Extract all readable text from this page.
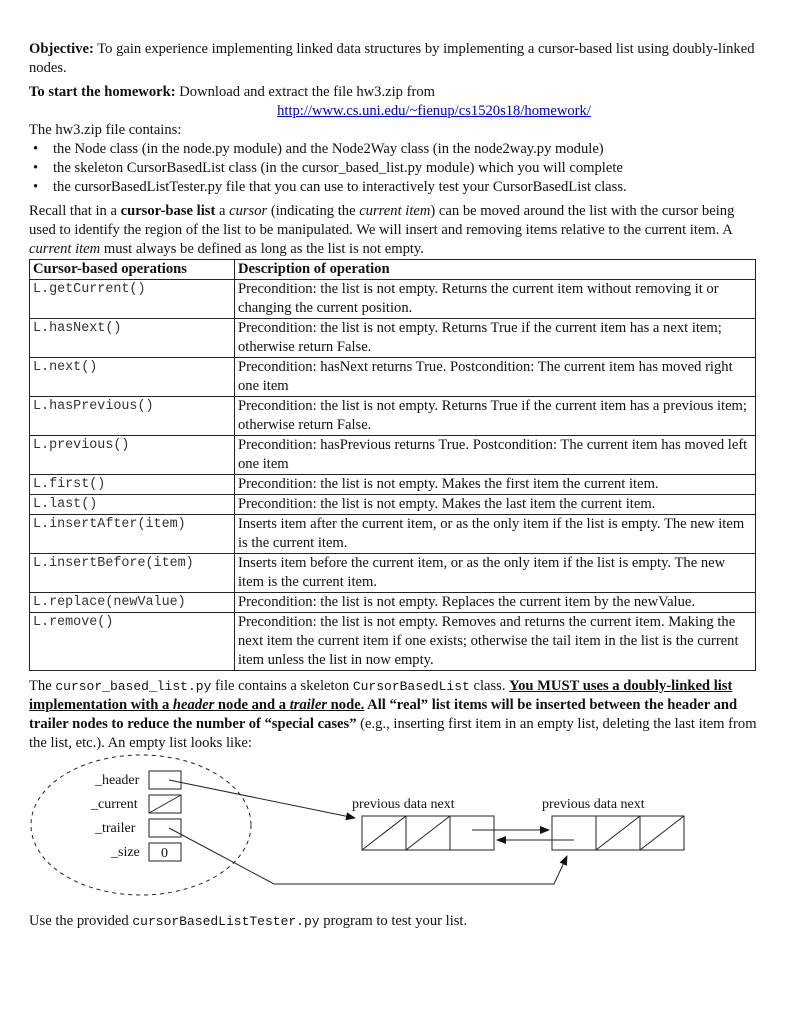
Objective: To gain experience implementing linked data structures by implementing a cursor-based list using doubly-linked nodes.

To start the homework: Download and extract the file hw3.zip from

http://www.cs.uni.edu/~fienup/cs1520s18/homework/

The hw3.zip file contains:

• the Node class (in the node.py module) and the Node2Way class (in the node2way.py module)
• the skeleton CursorBasedList class (in the cursor_based_list.py module) which you will complete
• the cursorBasedListTester.py file that you can use to interactively test your CursorBasedList class.

Recall that in a cursor-base list a cursor (indicating the current item) can be moved around the list with the cursor being used to identify the region of the list to be manipulated. We will insert and removing items relative to the current item. A current item must always be defined as long as the list is not empty.

Cursor-based operations	Description of operation
L.getCurrent()	Precondition: the list is not empty. Returns the current item without removing it or changing the current position.
L.hasNext()	Precondition: the list is not empty. Returns True if the current item has a next item; otherwise return False.
L.next()	Precondition: hasNext returns True. Postcondition: The current item has moved right one item
L.hasPrevious()	Precondition: the list is not empty. Returns True if the current item has a previous item; otherwise return False.
L.previous()	Precondition: hasPrevious returns True. Postcondition: The current item has moved left one item
L.first()	Precondition: the list is not empty. Makes the first item the current item.
L.last()	Precondition: the list is not empty. Makes the last item the current item.
L.insertAfter(item)	Inserts item after the current item, or as the only item if the list is empty. The new item is the current item.
L.insertBefore(item)	Inserts item before the current item, or as the only item if the list is empty. The new item is the current item.
L.replace(newValue)	Precondition: the list is not empty. Replaces the current item by the newValue.
L.remove()	Precondition: the list is not empty. Removes and returns the current item. Making the next item the current item if one exists; otherwise the tail item in the list is the current item unless the list in now empty.

The cursor_based_list.py file contains a skeleton CursorBasedList class. You MUST uses a doubly-linked list implementation with a header node and a trailer node. All “real” list items will be inserted between the header and trailer nodes to reduce the number of “special cases” (e.g., inserting first item in an empty list, deleting the last item from the list, etc.). An empty list looks like:

_header
_current
_trailer
_size 0
previous data next	previous data next

Use the provided cursorBasedListTester.py program to test your list.
